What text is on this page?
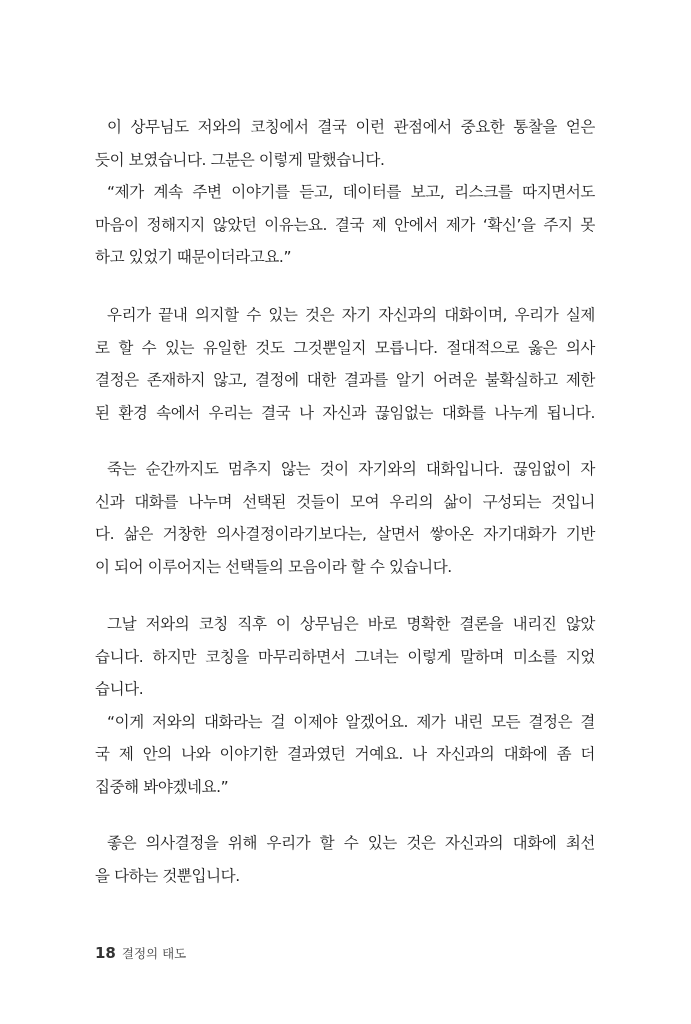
이 상무님도 저와의 코칭에서 결국 이런 관점에서 중요한 통찰을 얻은
듯이 보였습니다. 그분은 이렇게 말했습니다.
“제가 계속 주변 이야기를 듣고, 데이터를 보고, 리스크를 따지면서도
마음이 정해지지 않았던 이유는요. 결국 제 안에서 제가 ‘확신’을 주지 못
하고 있었기 때문이더라고요.”
우리가 끝내 의지할 수 있는 것은 자기 자신과의 대화이며, 우리가 실제
로 할 수 있는 유일한 것도 그것뿐일지 모릅니다. 절대적으로 옳은 의사
결정은 존재하지 않고, 결정에 대한 결과를 알기 어려운 불확실하고 제한
된 환경 속에서 우리는 결국 나 자신과 끊임없는 대화를 나누게 됩니다.
죽는 순간까지도 멈추지 않는 것이 자기와의 대화입니다. 끊임없이 자
신과 대화를 나누며 선택된 것들이 모여 우리의 삶이 구성되는 것입니
다. 삶은 거창한 의사결정이라기보다는, 살면서 쌓아온 자기대화가 기반
이 되어 이루어지는 선택들의 모음이라 할 수 있습니다.
그날 저와의 코칭 직후 이 상무님은 바로 명확한 결론을 내리진 않았
습니다. 하지만 코칭을 마무리하면서 그녀는 이렇게 말하며 미소를 지었
습니다.
“이게 저와의 대화라는 걸 이제야 알겠어요. 제가 내린 모든 결정은 결
국 제 안의 나와 이야기한 결과였던 거예요. 나 자신과의 대화에 좀 더
집중해 봐야겠네요.”
좋은 의사결정을 위해 우리가 할 수 있는 것은 자신과의 대화에 최선
을 다하는 것뿐입니다.
18 결정의 태도
